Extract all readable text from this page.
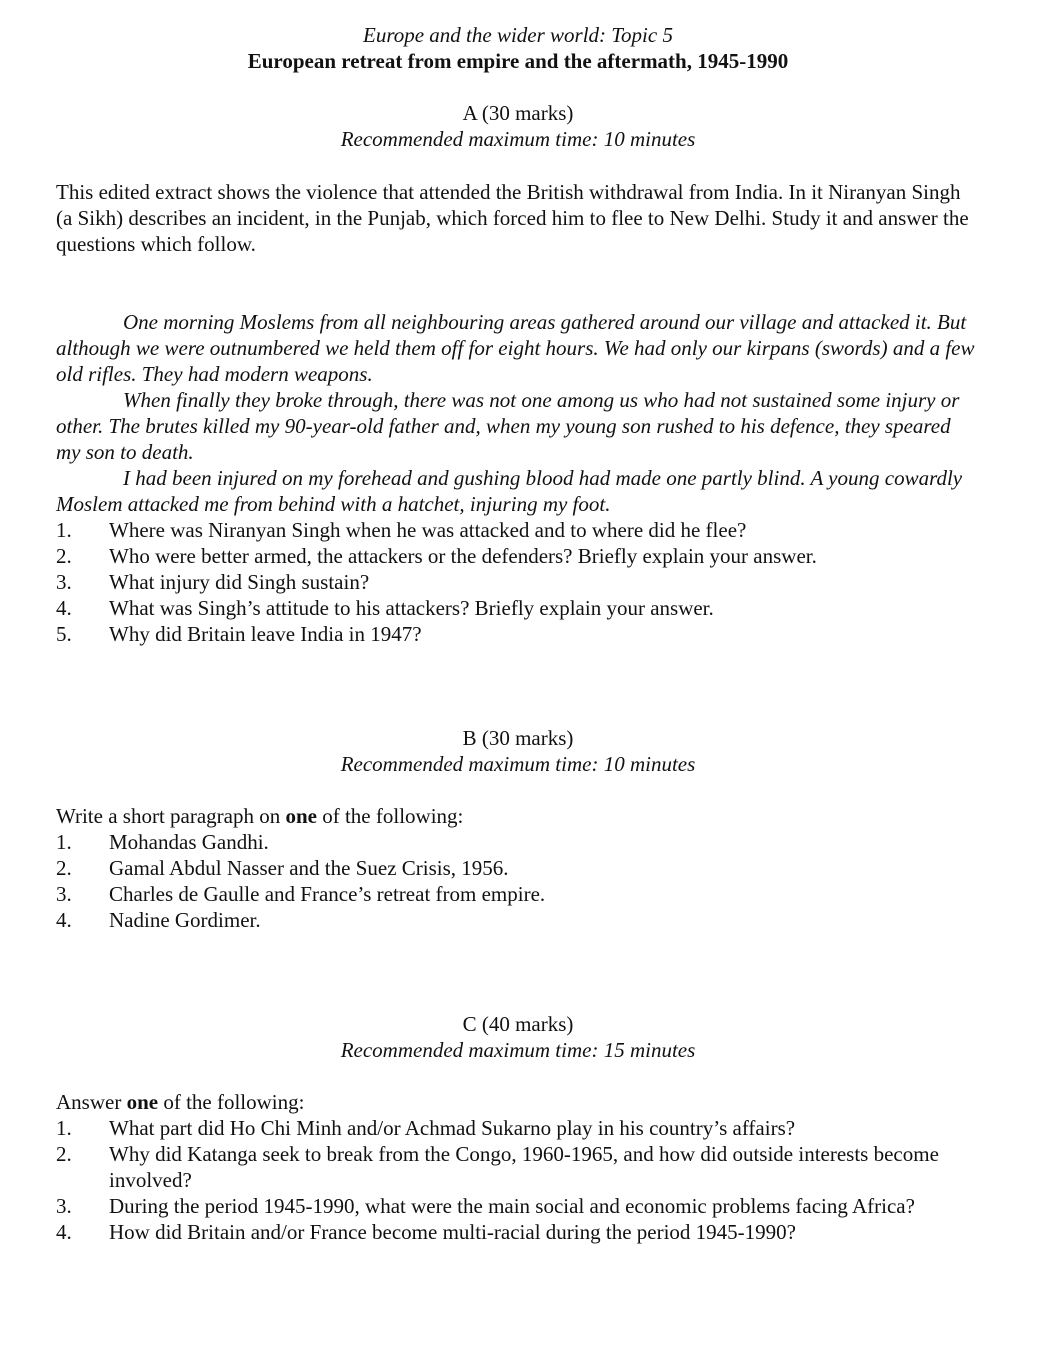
Europe and the wider world: Topic 5

European retreat from empire and the aftermath, 1945-1990

A (30 marks)

Recommended maximum time: 10 minutes

This edited extract shows the violence that attended the British withdrawal from India. In it Niranyan Singh (a Sikh) describes an incident, in the Punjab, which forced him to flee to New Delhi. Study it and answer the questions which follow.

One morning Moslems from all neighbouring areas gathered around our village and attacked it. But although we were outnumbered we held them off for eight hours. We had only our kirpans (swords) and a few old rifles. They had modern weapons.

When finally they broke through, there was not one among us who had not sustained some injury or other. The brutes killed my 90-year-old father and, when my young son rushed to his defence, they speared my son to death.

I had been injured on my forehead and gushing blood had made one partly blind. A young cowardly Moslem attacked me from behind with a hatchet, injuring my foot.

1. Where was Niranyan Singh when he was attacked and to where did he flee?
2. Who were better armed, the attackers or the defenders? Briefly explain your answer.
3. What injury did Singh sustain?
4. What was Singh’s attitude to his attackers? Briefly explain your answer.
5. Why did Britain leave India in 1947?

B (30 marks)

Recommended maximum time: 10 minutes

Write a short paragraph on one of the following:

1. Mohandas Gandhi.
2. Gamal Abdul Nasser and the Suez Crisis, 1956.
3. Charles de Gaulle and France’s retreat from empire.
4. Nadine Gordimer.

C (40 marks)

Recommended maximum time: 15 minutes

Answer one of the following:

1. What part did Ho Chi Minh and/or Achmad Sukarno play in his country’s affairs?
2. Why did Katanga seek to break from the Congo, 1960-1965, and how did outside interests become involved?
3. During the period 1945-1990, what were the main social and economic problems facing Africa?
4. How did Britain and/or France become multi-racial during the period 1945-1990?
